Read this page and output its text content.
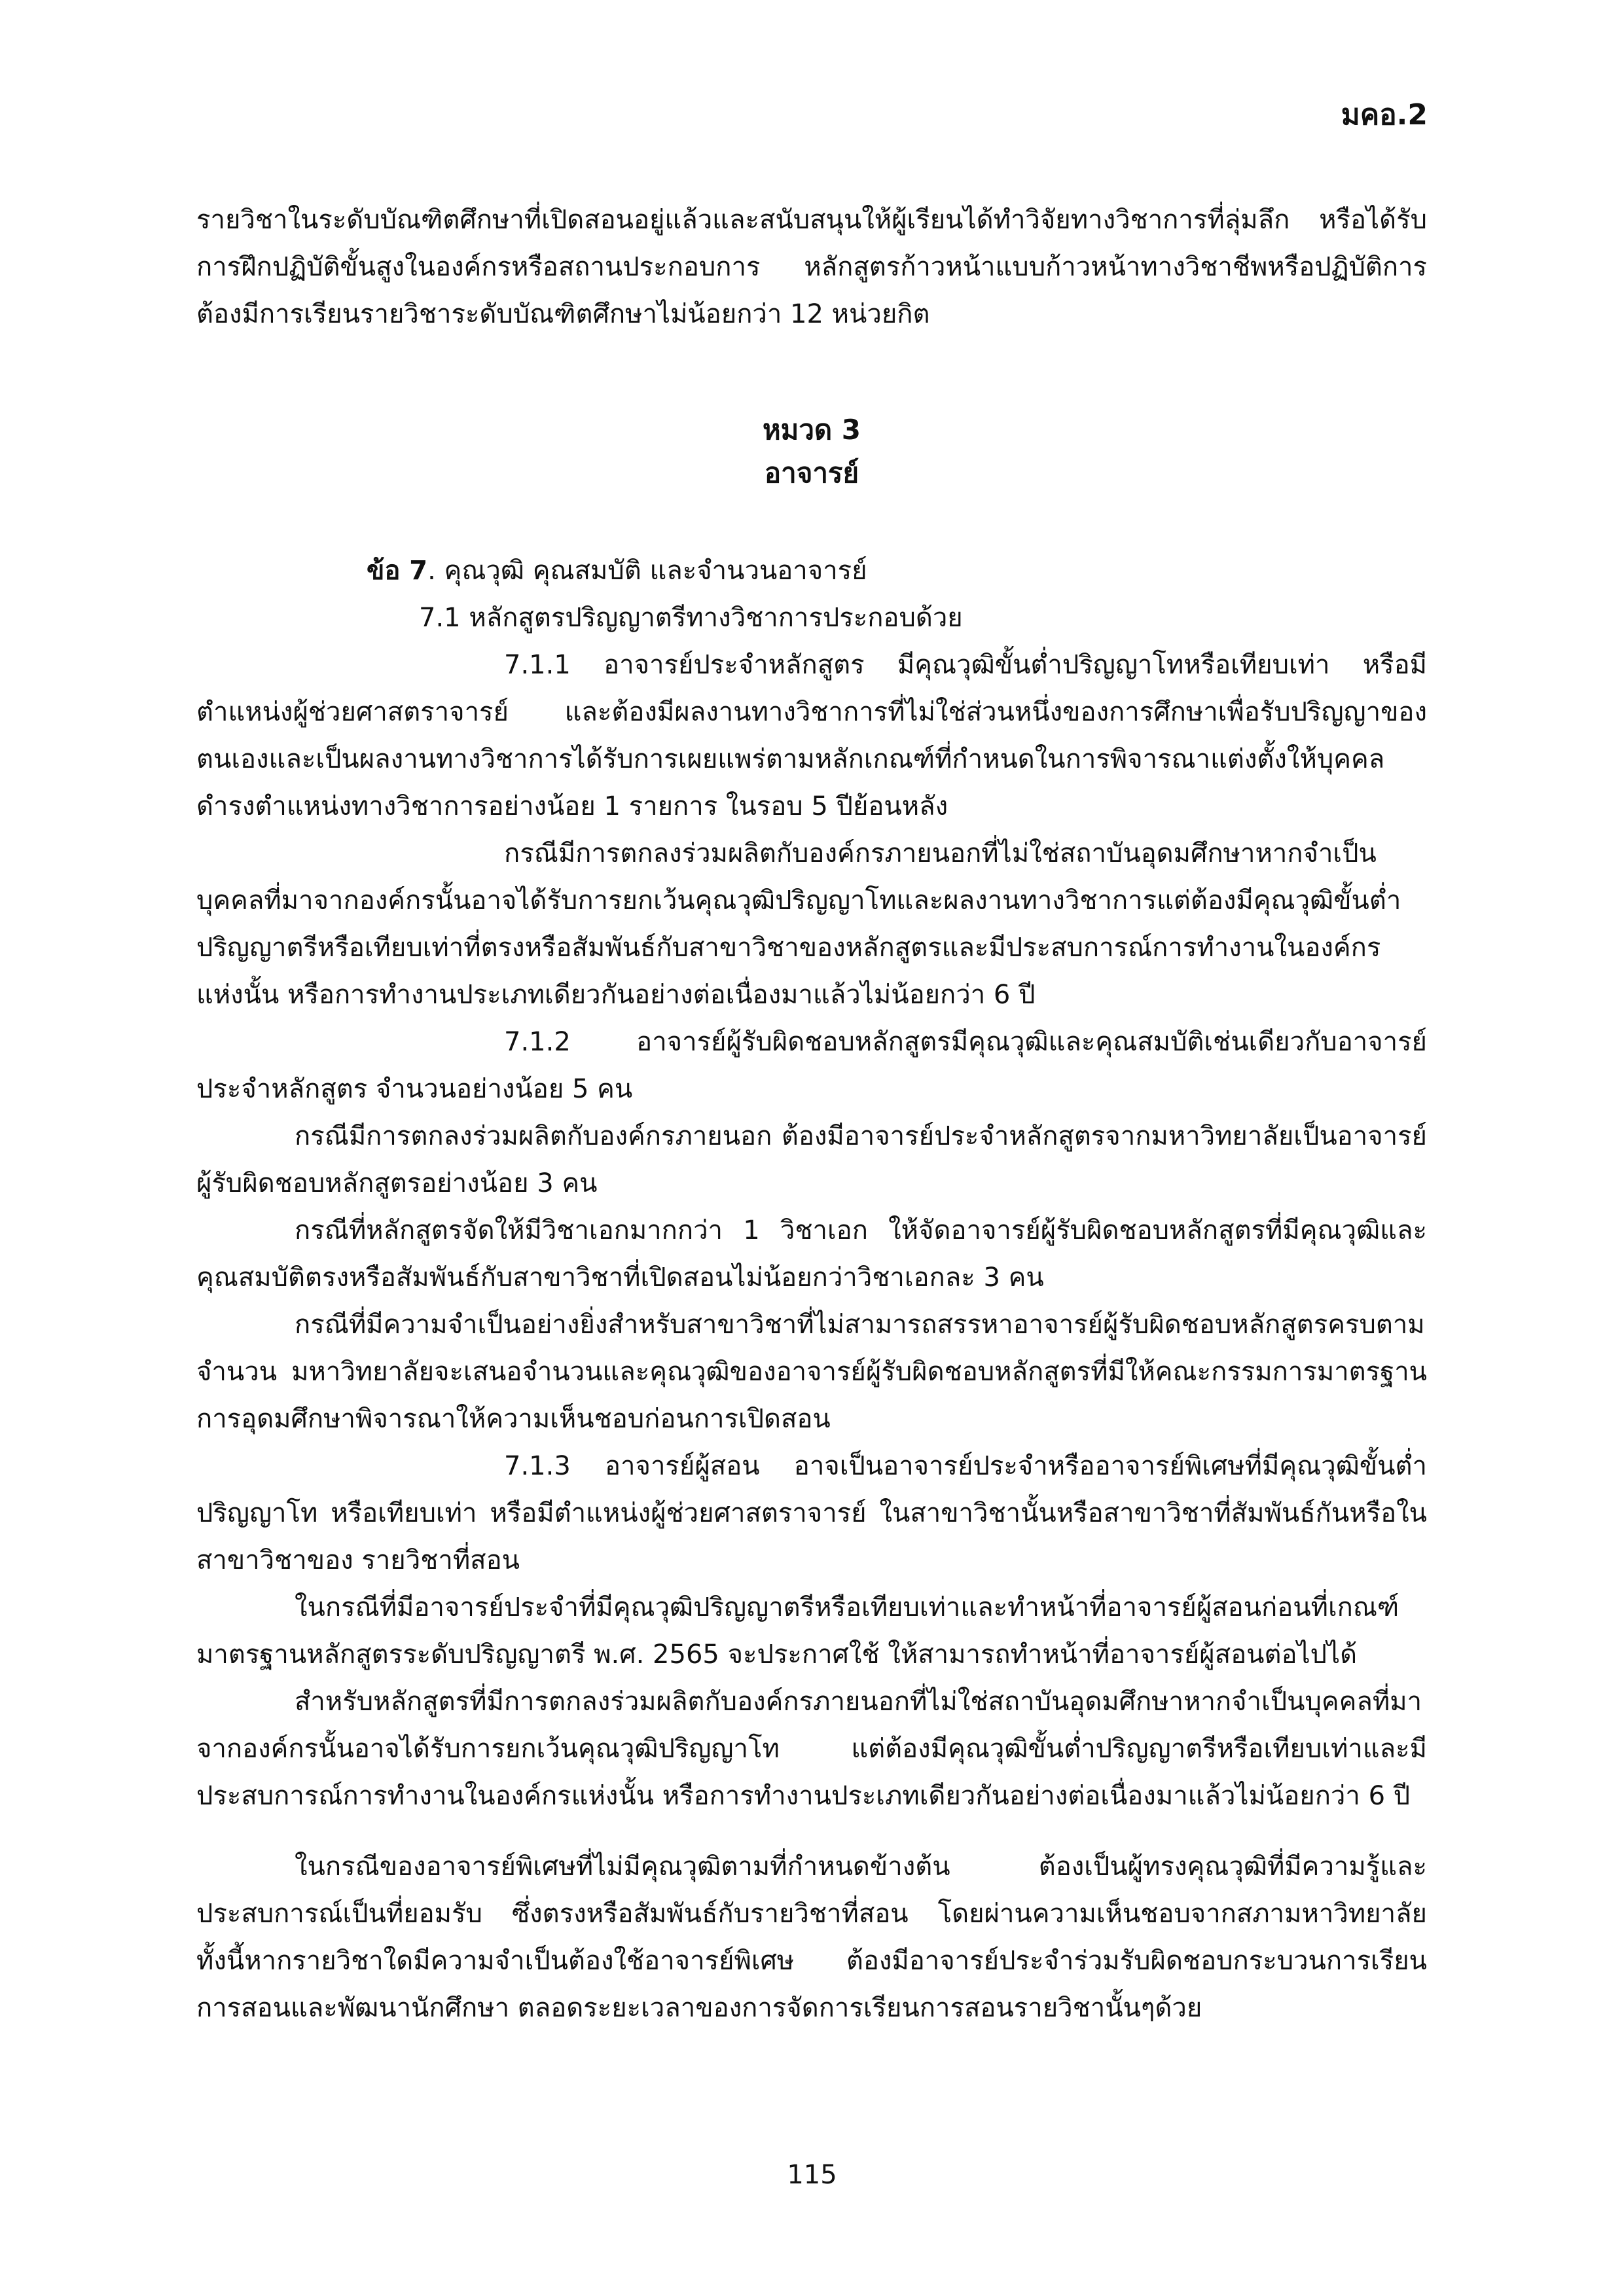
มคอ.2

รายวิชาในระดับบัณฑิตศึกษาที่เปิดสอนอยู่แล้วและสนับสนุนให้ผู้เรียนได้ทำวิจัยทางวิชาการที่ลุ่มลึก หรือได้รับการฝึกปฏิบัติขั้นสูงในองค์กรหรือสถานประกอบการ หลักสูตรก้าวหน้าแบบก้าวหน้าทางวิชาชีพหรือปฏิบัติการต้องมีการเรียนรายวิชาระดับบัณฑิตศึกษาไม่น้อยกว่า 12 หน่วยกิต

หมวด 3
อาจารย์

ข้อ 7. คุณวุฒิ คุณสมบัติ และจำนวนอาจารย์

7.1 หลักสูตรปริญญาตรีทางวิชาการประกอบด้วย

7.1.1 อาจารย์ประจำหลักสูตร มีคุณวุฒิขั้นต่ำปริญญาโทหรือเทียบเท่า หรือมีตำแหน่งผู้ช่วยศาสตราจารย์ และต้องมีผลงานทางวิชาการที่ไม่ใช่ส่วนหนึ่งของการศึกษาเพื่อรับปริญญาของตนเองและเป็นผลงานทางวิชาการได้รับการเผยแพร่ตามหลักเกณฑ์ที่กำหนดในการพิจารณาแต่งตั้งให้บุคคลดำรงตำแหน่งทางวิชาการอย่างน้อย 1 รายการ ในรอบ 5 ปีย้อนหลัง

กรณีมีการตกลงร่วมผลิตกับองค์กรภายนอกที่ไม่ใช่สถาบันอุดมศึกษาหากจำเป็นบุคคลที่มาจากองค์กรนั้นอาจได้รับการยกเว้นคุณวุฒิปริญญาโทและผลงานทางวิชาการแต่ต้องมีคุณวุฒิขั้นต่ำปริญญาตรีหรือเทียบเท่าที่ตรงหรือสัมพันธ์กับสาขาวิชาของหลักสูตรและมีประสบการณ์การทำงานในองค์กรแห่งนั้น หรือการทำงานประเภทเดียวกันอย่างต่อเนื่องมาแล้วไม่น้อยกว่า 6 ปี

7.1.2 อาจารย์ผู้รับผิดชอบหลักสูตรมีคุณวุฒิและคุณสมบัติเช่นเดียวกับอาจารย์ประจำหลักสูตร จำนวนอย่างน้อย 5 คน

กรณีมีการตกลงร่วมผลิตกับองค์กรภายนอก ต้องมีอาจารย์ประจำหลักสูตรจากมหาวิทยาลัยเป็นอาจารย์ผู้รับผิดชอบหลักสูตรอย่างน้อย 3 คน

กรณีที่หลักสูตรจัดให้มีวิชาเอกมากกว่า 1 วิชาเอก ให้จัดอาจารย์ผู้รับผิดชอบหลักสูตรที่มีคุณวุฒิและคุณสมบัติตรงหรือสัมพันธ์กับสาขาวิชาที่เปิดสอนไม่น้อยกว่าวิชาเอกละ 3 คน

กรณีที่มีความจำเป็นอย่างยิ่งสำหรับสาขาวิชาที่ไม่สามารถสรรหาอาจารย์ผู้รับผิดชอบหลักสูตรครบตามจำนวน มหาวิทยาลัยจะเสนอจำนวนและคุณวุฒิของอาจารย์ผู้รับผิดชอบหลักสูตรที่มีให้คณะกรรมการมาตรฐานการอุดมศึกษาพิจารณาให้ความเห็นชอบก่อนการเปิดสอน

7.1.3 อาจารย์ผู้สอน อาจเป็นอาจารย์ประจำหรืออาจารย์พิเศษที่มีคุณวุฒิขั้นต่ำปริญญาโท หรือเทียบเท่า หรือมีตำแหน่งผู้ช่วยศาสตราจารย์ ในสาขาวิชานั้นหรือสาขาวิชาที่สัมพันธ์กันหรือในสาขาวิชาของ รายวิชาที่สอน

ในกรณีที่มีอาจารย์ประจำที่มีคุณวุฒิปริญญาตรีหรือเทียบเท่าและทำหน้าที่อาจารย์ผู้สอนก่อนที่เกณฑ์มาตรฐานหลักสูตรระดับปริญญาตรี พ.ศ. 2565 จะประกาศใช้ ให้สามารถทำหน้าที่อาจารย์ผู้สอนต่อไปได้

สำหรับหลักสูตรที่มีการตกลงร่วมผลิตกับองค์กรภายนอกที่ไม่ใช่สถาบันอุดมศึกษาหากจำเป็นบุคคลที่มาจากองค์กรนั้นอาจได้รับการยกเว้นคุณวุฒิปริญญาโท แต่ต้องมีคุณวุฒิขั้นต่ำปริญญาตรีหรือเทียบเท่าและมีประสบการณ์การทำงานในองค์กรแห่งนั้น หรือการทำงานประเภทเดียวกันอย่างต่อเนื่องมาแล้วไม่น้อยกว่า 6 ปี

ในกรณีของอาจารย์พิเศษที่ไม่มีคุณวุฒิตามที่กำหนดข้างต้น ต้องเป็นผู้ทรงคุณวุฒิที่มีความรู้และประสบการณ์เป็นที่ยอมรับ ซึ่งตรงหรือสัมพันธ์กับรายวิชาที่สอน โดยผ่านความเห็นชอบจากสภามหาวิทยาลัย ทั้งนี้หากรายวิชาใดมีความจำเป็นต้องใช้อาจารย์พิเศษ ต้องมีอาจารย์ประจำร่วมรับผิดชอบกระบวนการเรียนการสอนและพัฒนานักศึกษา ตลอดระยะเวลาของการจัดการเรียนการสอนรายวิชานั้นๆด้วย

115
